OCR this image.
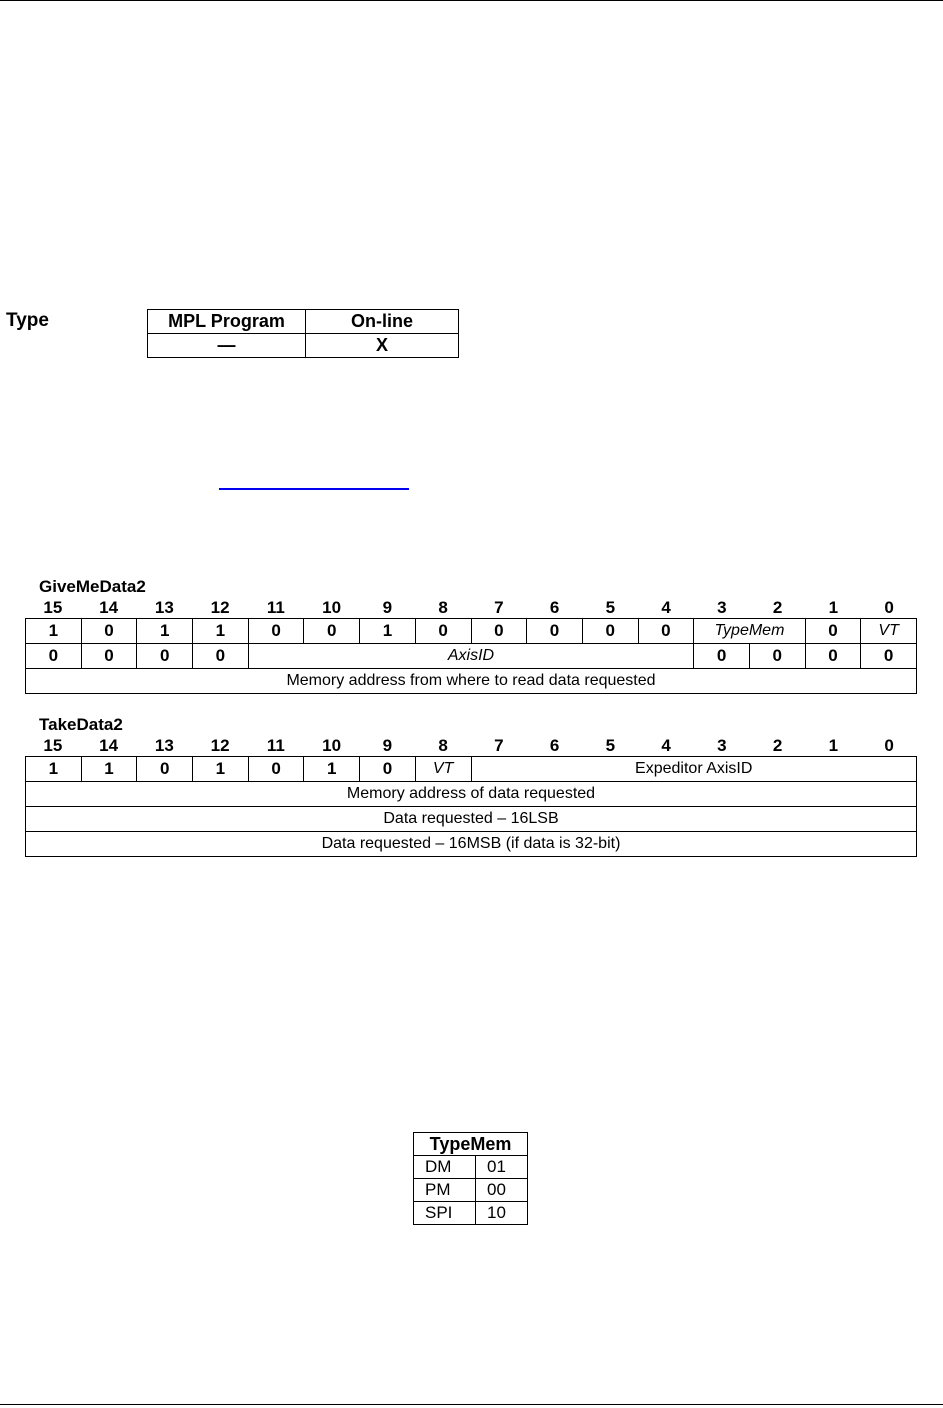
Type	MPL Program	On-line
—	X
GiveMeData2
15	14	13	12	11	10	9	8	7	6	5	4	3	2	1	0
1	0	1	1	0	0	1	0	0	0	0	0	TypeMem		0	VT
0	0	0	0	AxisID								0	0	0	0
Memory address from where to read data requested															
TakeData2
15	14	13	12	11	10	9	8	7	6	5	4	3	2	1	0
1	1	0	1	0	1	0	VT	Expeditor AxisID
Memory address of data requested
Data requested – 16LSB
Data requested – 16MSB (if data is 32-bit)
TypeMem	
DM	01
PM	00
SPI	10
